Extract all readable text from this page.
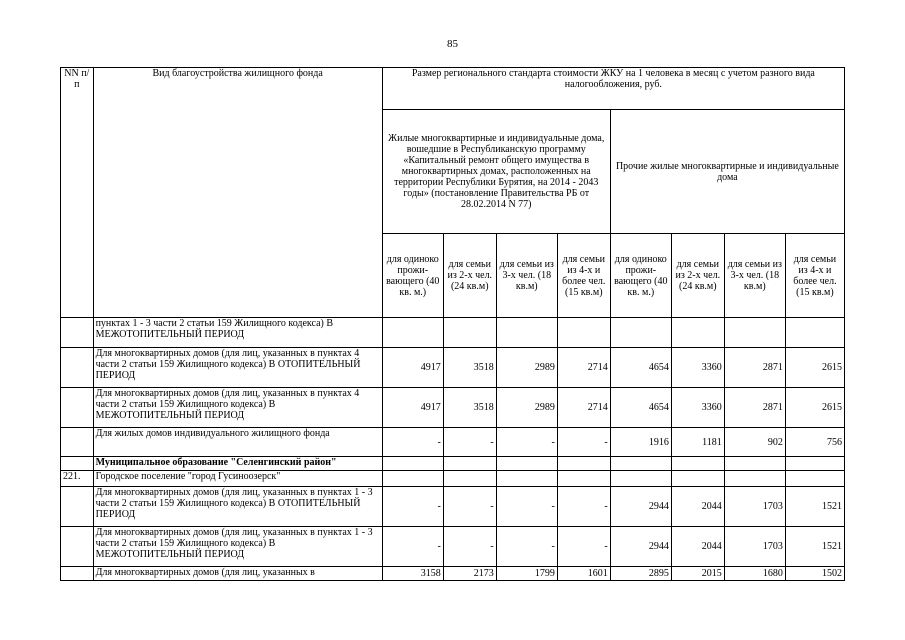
85
NN п/п	Вид благоустройства жилищного фонда	Размер регионального стандарта стоимости ЖКУ на 1 человека в месяц с учетом разного вида налогообложения, руб.							
		Жилые многоквартирные и индивидуальные дома, вошедшие в Республиканскую программу «Капитальный ремонт общего имущества в многоквартирных домах, расположенных на территории Республики Бурятия, на 2014 - 2043 годы» (постановление Правительства РБ от 28.02.2014 N 77)				Прочие жилые многоквартирные и индивидуальные дома			
		для одиноко прожи-вающего (40 кв. м.)	для семьи из 2-х чел. (24 кв.м)	для семьи из 3-х чел. (18 кв.м)	для семьи из 4-х и более чел. (15 кв.м)	для одиноко прожи-вающего (40 кв. м.)	для семьи из 2-х чел. (24 кв.м)	для семьи из 3-х чел. (18 кв.м)	для семьи из 4-х и более чел. (15 кв.м)
	пунктах 1 - 3 части 2 статьи 159 Жилищного кодекса) В МЕЖОТОПИТЕЛЬНЫЙ ПЕРИОД								
	Для многоквартирных домов (для лиц, указанных в пунктах 4 части 2 статьи 159 Жилищного кодекса) В ОТОПИТЕЛЬНЫЙ ПЕРИОД	4917	3518	2989	2714	4654	3360	2871	2615
	Для многоквартирных домов (для лиц, указанных в пунктах 4 части 2 статьи 159 Жилищного кодекса) В МЕЖОТОПИТЕЛЬНЫЙ ПЕРИОД	4917	3518	2989	2714	4654	3360	2871	2615
	Для жилых домов индивидуального жилищного фонда	-	-	-	-	1916	1181	902	756
	Муниципальное образование "Селенгинский район"								
221.	Городское поселение "город Гусиноозерск"								
	Для многоквартирных домов (для лиц, указанных в пунктах 1 - 3 части 2 статьи 159 Жилищного кодекса) В ОТОПИТЕЛЬНЫЙ ПЕРИОД	-	-	-	-	2944	2044	1703	1521
	Для многоквартирных домов (для лиц, указанных в пунктах 1 - 3 части 2 статьи 159 Жилищного кодекса) В МЕЖОТОПИТЕЛЬНЫЙ ПЕРИОД	-	-	-	-	2944	2044	1703	1521
	Для многоквартирных домов (для лиц, указанных в	3158	2173	1799	1601	2895	2015	1680	1502
